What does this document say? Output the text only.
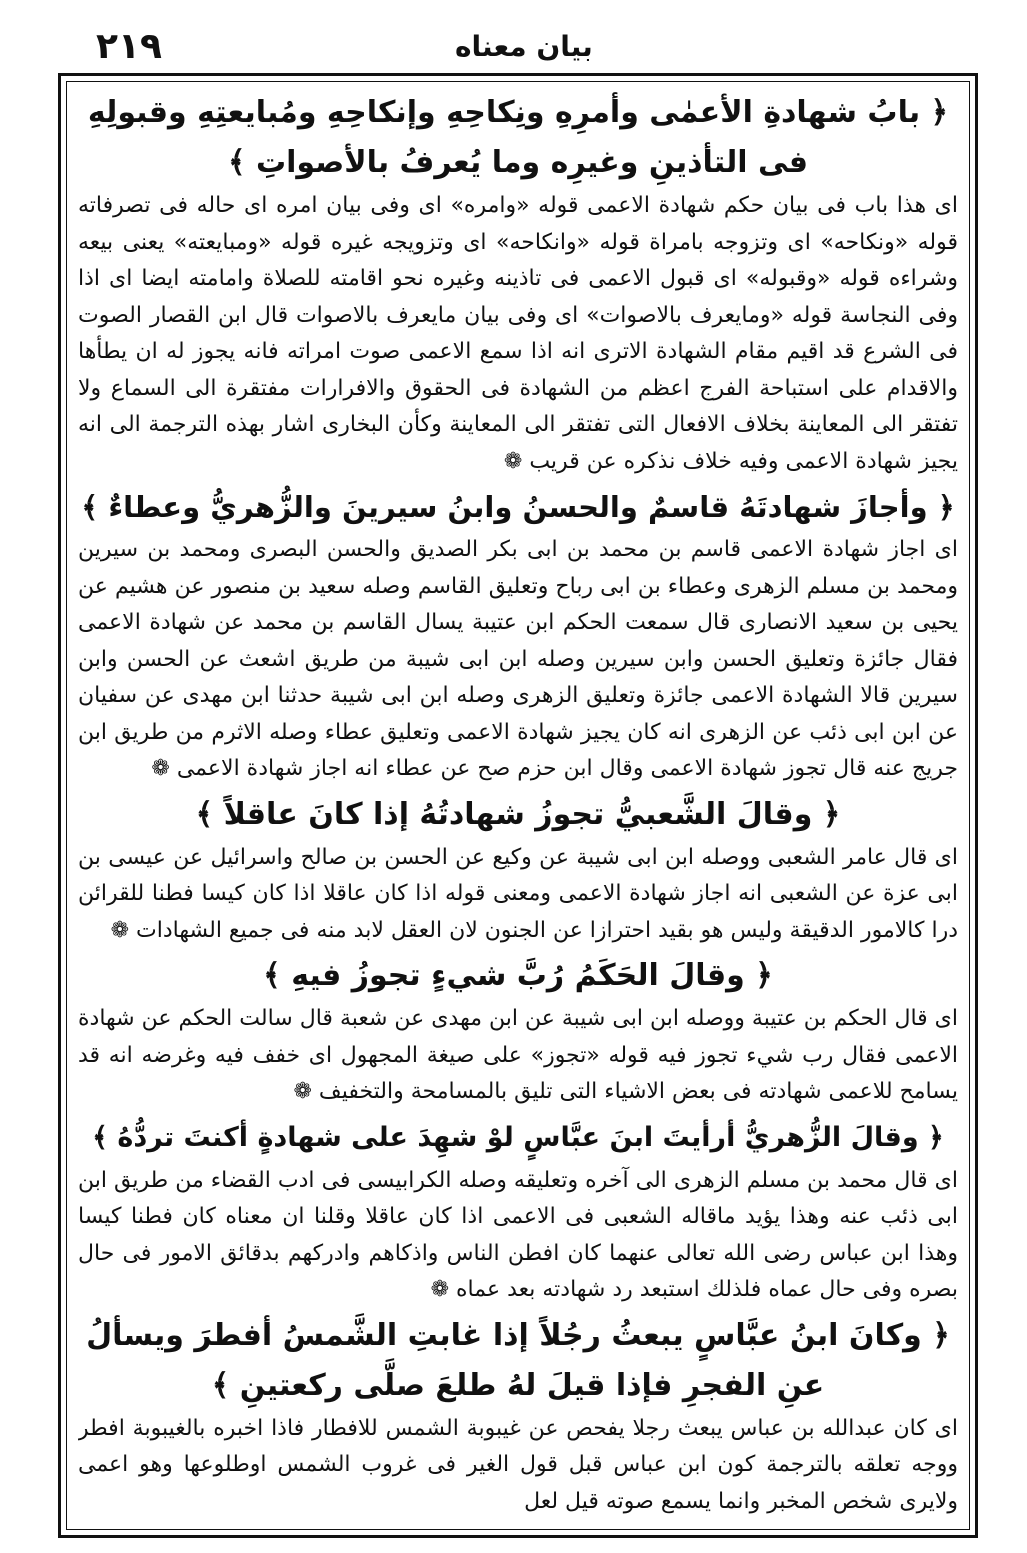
۲۱۹	بیان معناه
﴿ بابُ شهادةِ الأعمٰى وأمرِهِ ونِكاحِهِ وإنكاحِهِ ومُبايعتِهِ وقبولِهِ
فى التأذينِ وغيرِه وما يُعرفُ بالأصواتِ ﴾

اى هذا باب فى بيان حكم شهادة الاعمى قوله «وامره» اى وفى بيان امره اى حاله فى تصرفاته قوله «ونكاحه» اى وتزوجه بامراة قوله «وانكاحه» اى وتزويجه غيره قوله «ومبايعته» يعنى بيعه وشراءه قوله «وقبوله» اى قبول الاعمى فى تاذينه وغيره نحو اقامته للصلاة وامامته ايضا اى اذا وفى النجاسة قوله «ومايعرف بالاصوات» اى وفى بيان مايعرف بالاصوات قال ابن القصار الصوت فى الشرع قد اقيم مقام الشهادة الاترى انه اذا سمع الاعمى صوت امراته فانه يجوز له ان يطأها والاقدام على استباحة الفرج اعظم من الشهادة فى الحقوق والافرارات مفتقرة الى السماع ولا تفتقر الى المعاينة بخلاف الافعال التى تفتقر الى المعاينة وكأن البخارى اشار بهذه الترجمة الى انه يجيز شهادة الاعمى وفيه خلاف نذكره عن قريب ❁

﴿ وأجازَ شهادتَهُ قاسمٌ والحسنُ وابنُ سيرينَ والزُّهريُّ وعطاءٌ ﴾

اى اجاز شهادة الاعمى قاسم بن محمد بن ابى بكر الصديق والحسن البصرى ومحمد بن سيرين ومحمد بن مسلم الزهرى وعطاء بن ابى رباح وتعليق القاسم وصله سعيد بن منصور عن هشيم عن يحيى بن سعيد الانصارى قال سمعت الحكم ابن عتيبة يسال القاسم بن محمد عن شهادة الاعمى فقال جائزة وتعليق الحسن وابن سيرين وصله ابن ابى شيبة من طريق اشعث عن الحسن وابن سيرين قالا الشهادة الاعمى جائزة وتعليق الزهرى وصله ابن ابى شيبة حدثنا ابن مهدى عن سفيان عن ابن ابى ذئب عن الزهرى انه كان يجيز شهادة الاعمى وتعليق عطاء وصله الاثرم من طريق ابن جريج عنه قال تجوز شهادة الاعمى وقال ابن حزم صح عن عطاء انه اجاز شهادة الاعمى ❁

﴿ وقالَ الشَّعبيُّ تجوزُ شهادتُهُ إذا كانَ عاقلاً ﴾

اى قال عامر الشعبى ووصله ابن ابى شيبة عن وكيع عن الحسن بن صالح واسرائيل عن عيسى بن ابى عزة عن الشعبى انه اجاز شهادة الاعمى ومعنى قوله اذا كان عاقلا اذا كان كيسا فطنا للقرائن درا كالامور الدقيقة وليس هو بقيد احترازا عن الجنون لان العقل لابد منه فى جميع الشهادات ❁

﴿ وقالَ الحَكَمُ رُبَّ شيءٍ تجوزُ فيهِ ﴾

اى قال الحكم بن عتيبة ووصله ابن ابى شيبة عن ابن مهدى عن شعبة قال سالت الحكم عن شهادة الاعمى فقال رب شيء تجوز فيه قوله «تجوز» على صيغة المجهول اى خفف فيه وغرضه انه قد يسامح للاعمى شهادته فى بعض الاشياء التى تليق بالمسامحة والتخفيف ❁

﴿ وقالَ الزُّهريُّ أرأيتَ ابنَ عبَّاسٍ لوْ شهِدَ على شهادةٍ أكنتَ تردُّهُ ﴾

اى قال محمد بن مسلم الزهرى الى آخره وتعليقه وصله الكرابيسى فى ادب القضاء من طريق ابن ابى ذئب عنه وهذا يؤيد ماقاله الشعبى فى الاعمى اذا كان عاقلا وقلنا ان معناه كان فطنا كيسا وهذا ابن عباس رضى الله تعالى عنهما كان افطن الناس واذكاهم وادركهم بدقائق الامور فى حال بصره وفى حال عماه فلذلك استبعد رد شهادته بعد عماه ❁

﴿ وكانَ ابنُ عبَّاسٍ يبعثُ رجُلاً إذا غابتِ الشَّمسُ أفطرَ ويسألُ
عنِ الفجرِ فإذا قيلَ لهُ طلعَ صلَّى ركعتينِ ﴾

اى كان عبدالله بن عباس يبعث رجلا يفحص عن غيبوبة الشمس للافطار فاذا اخبره بالغيبوبة افطر ووجه تعلقه بالترجمة كون ابن عباس قبل قول الغير فى غروب الشمس اوطلوعها وهو اعمى ولايرى شخص المخبر وانما يسمع صوته قيل لعل
